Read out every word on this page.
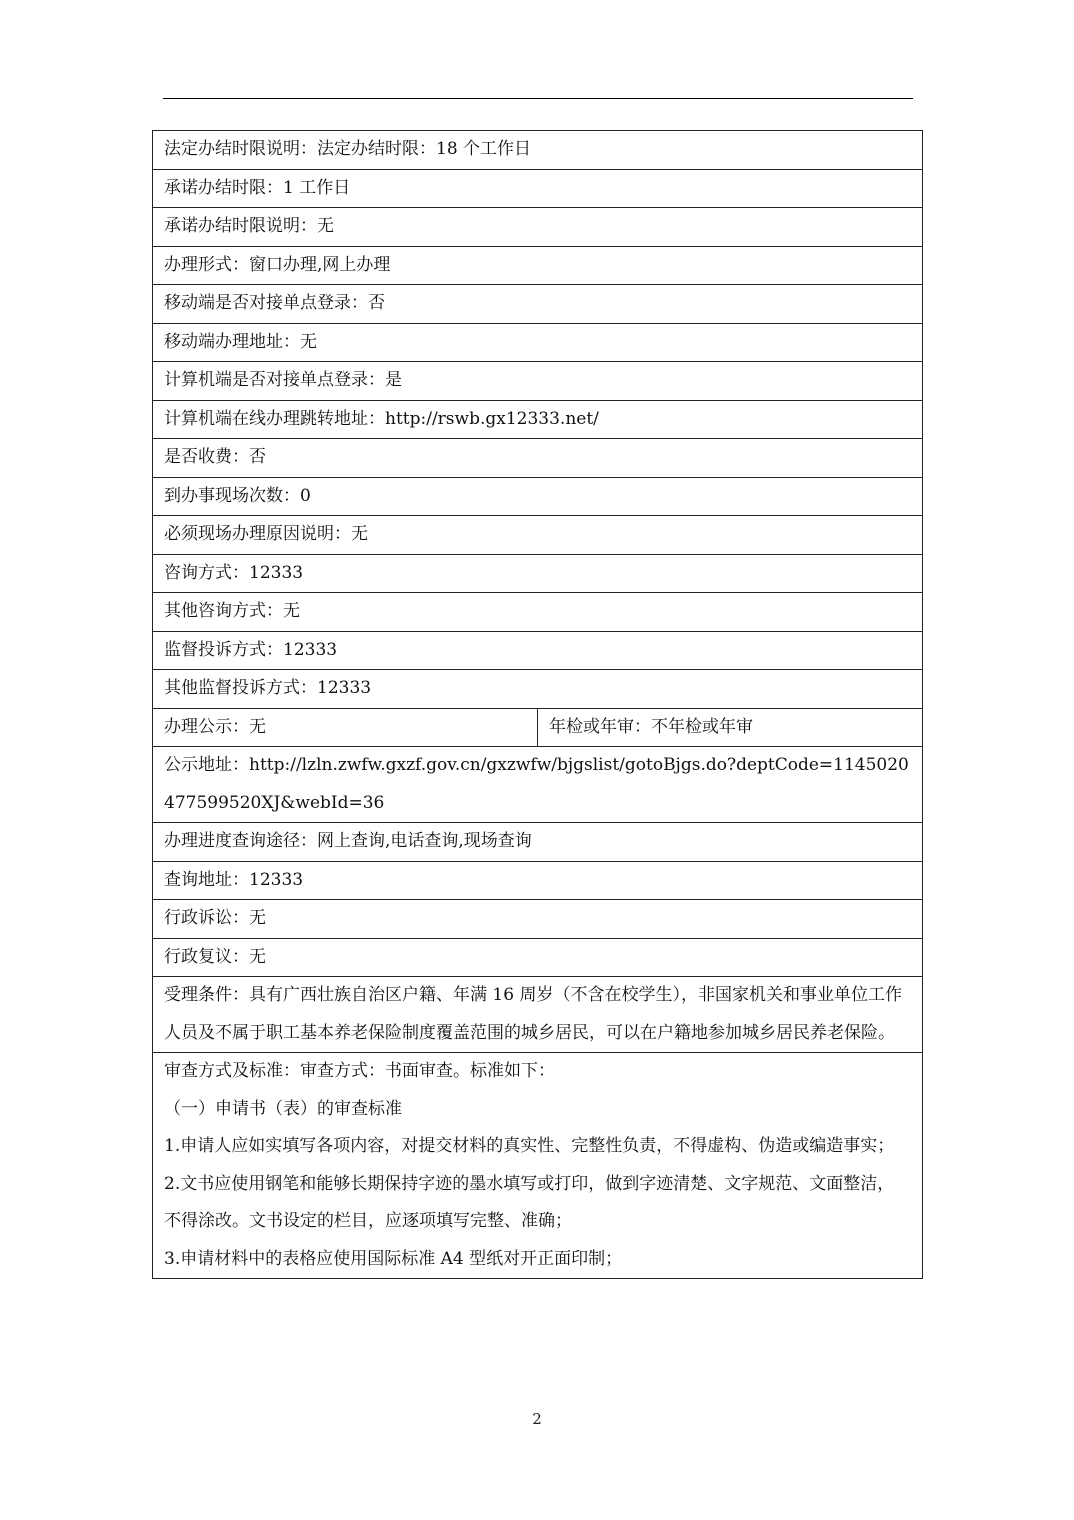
法定办结时限说明：法定办结时限：18 个工作日
承诺办结时限：1 工作日
承诺办结时限说明：无
办理形式：窗口办理,网上办理
移动端是否对接单点登录：否
移动端办理地址：无
计算机端是否对接单点登录：是
计算机端在线办理跳转地址：http://rswb.gx12333.net/
是否收费：否
到办事现场次数：0
必须现场办理原因说明：无
咨询方式：12333
其他咨询方式：无
监督投诉方式：12333
其他监督投诉方式：12333
办理公示：无	年检或年审：不年检或年审
公示地址：http://lzln.zwfw.gxzf.gov.cn/gxzwfw/bjgslist/gotoBjgs.do?deptCode=1145020477599520XJ&webId=36
办理进度查询途径：网上查询,电话查询,现场查询
查询地址：12333
行政诉讼：无
行政复议：无
受理条件：具有广西壮族自治区户籍、年满 16 周岁（不含在校学生），非国家机关和事业单位工作人员及不属于职工基本养老保险制度覆盖范围的城乡居民，可以在户籍地参加城乡居民养老保险。

审查方式及标准：审查方式：书面审查。标准如下：
（一）申请书（表）的审查标准
1.申请人应如实填写各项内容，对提交材料的真实性、完整性负责，不得虚构、伪造或编造事实；
2.文书应使用钢笔和能够长期保持字迹的墨水填写或打印，做到字迹清楚、文字规范、文面整洁，不得涂改。文书设定的栏目，应逐项填写完整、准确；
3.申请材料中的表格应使用国际标准 A4 型纸对开正面印制；
2
